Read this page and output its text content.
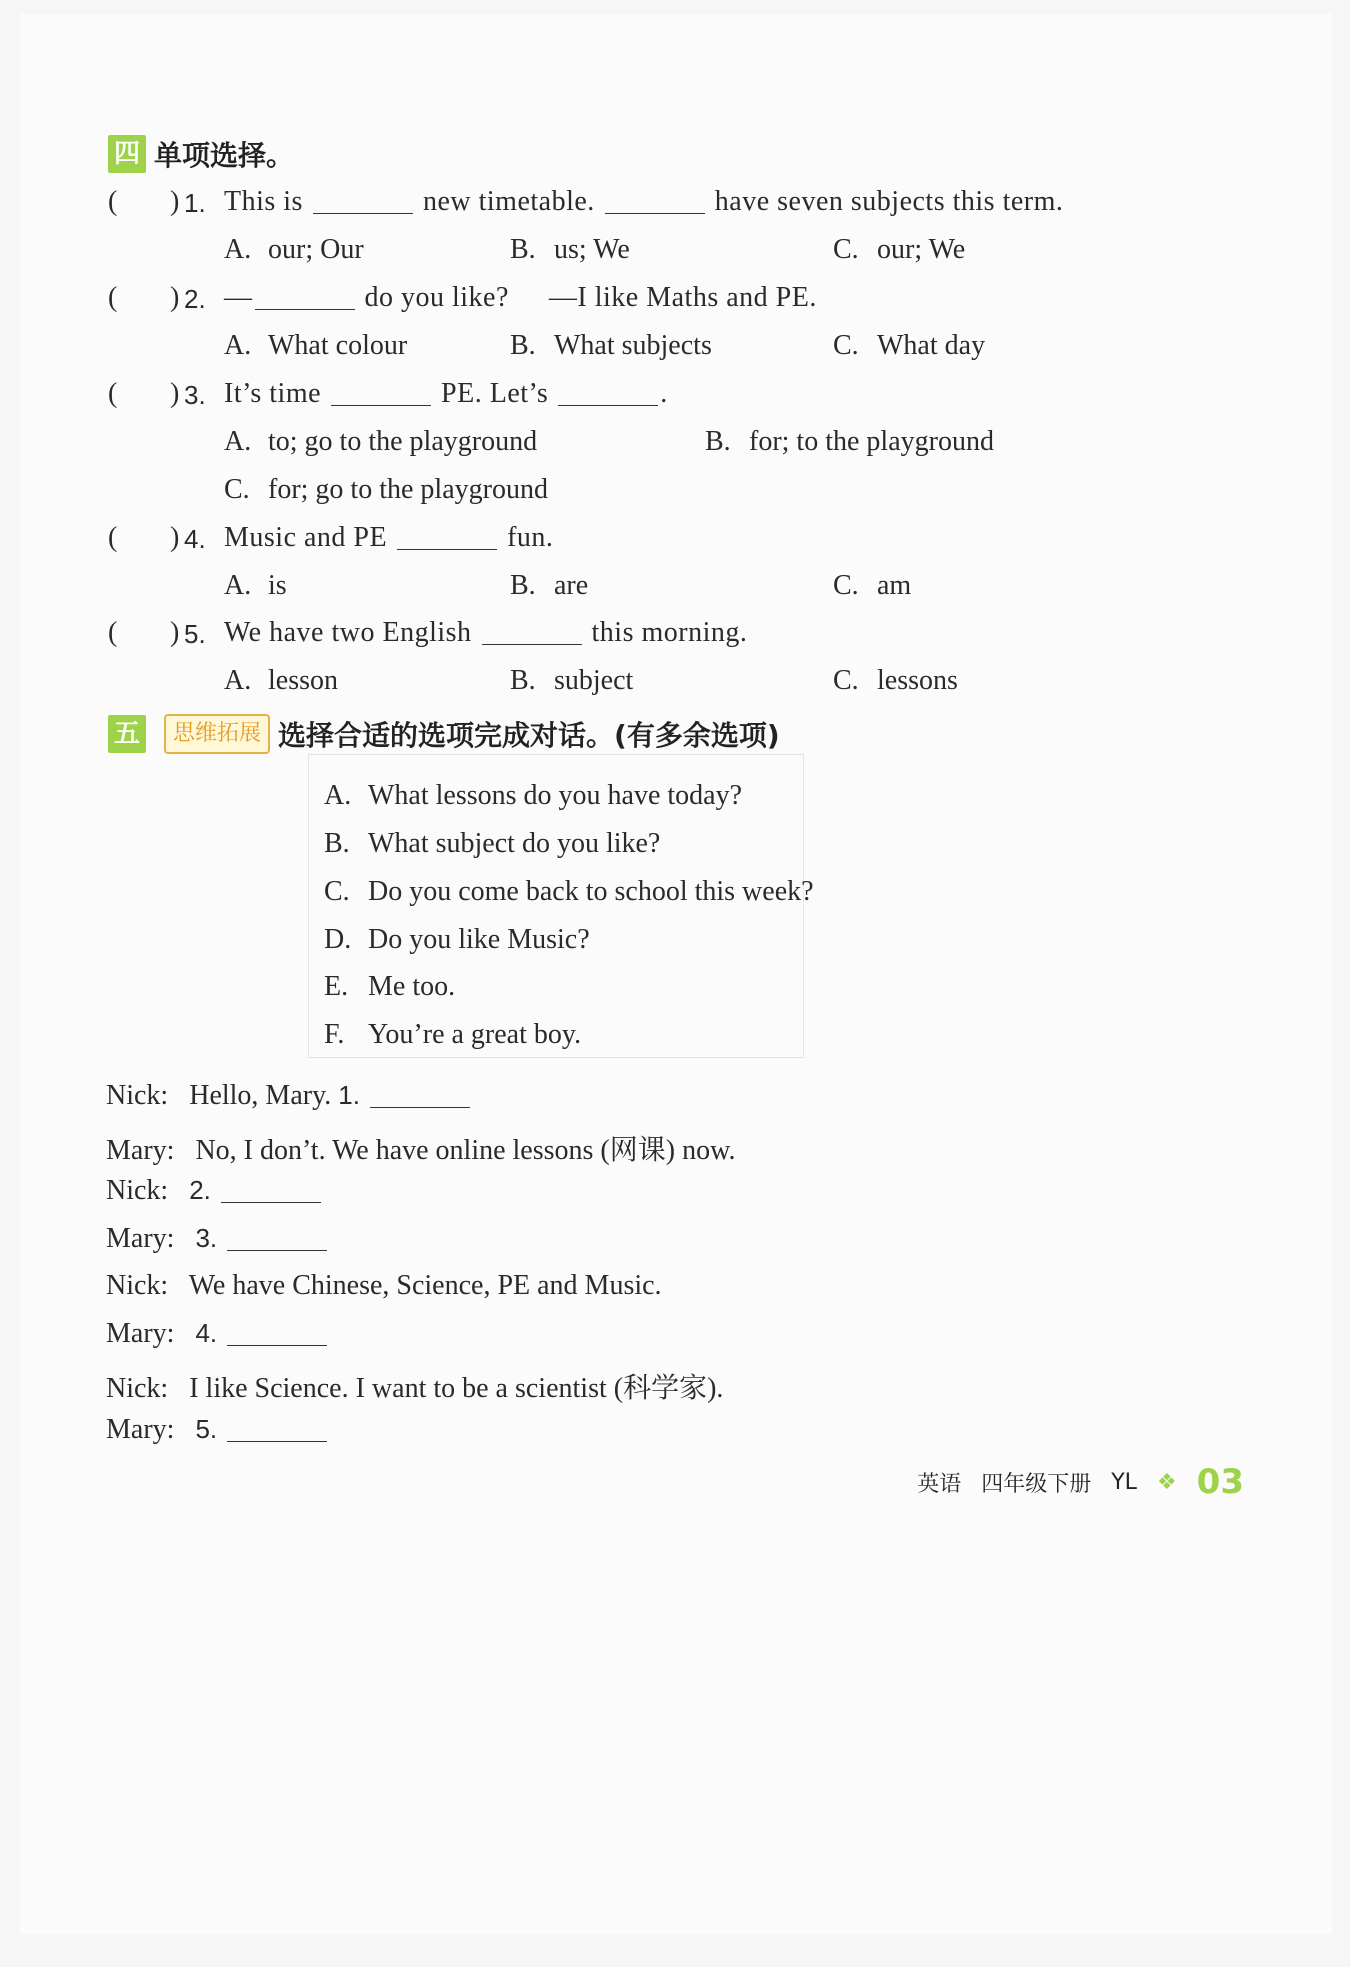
四 单项选择。
( ) 1. This is	new timetable.	have seven subjects this term.
A. our; Our	B. us; We	C. our; We
( ) 2. —	do you like? —I like Maths and PE.
A. What colour	B. What subjects	C. What day
( ) 3. It’s time	PE. Let’s	.
A. to; go to the playground	B. for; to the playground
C. for; go to the playground
( ) 4. Music and PE	fun.
A. is	B. are	C. am
( ) 5. We have two English	this morning.
A. lesson	B. subject	C. lessons
五	思维拓展 选择合适的选项完成对话。(有多余选项)
A. What lessons do you have today?
B. What subject do you like?
C. Do you come back to school this week?
D. Do you like Music?
E. Me too.
F. You’re a great boy.
Nick: Hello, Mary. 1.
Mary: No, I don’t. We have online lessons (网课) now.
Nick: 2.
Mary: 3.
Nick: We have Chinese, Science, PE and Music.
Mary: 4.
Nick: I like Science. I want to be a scientist (科学家).
Mary: 5.
英语 四年级下册 YL ❖ 03
